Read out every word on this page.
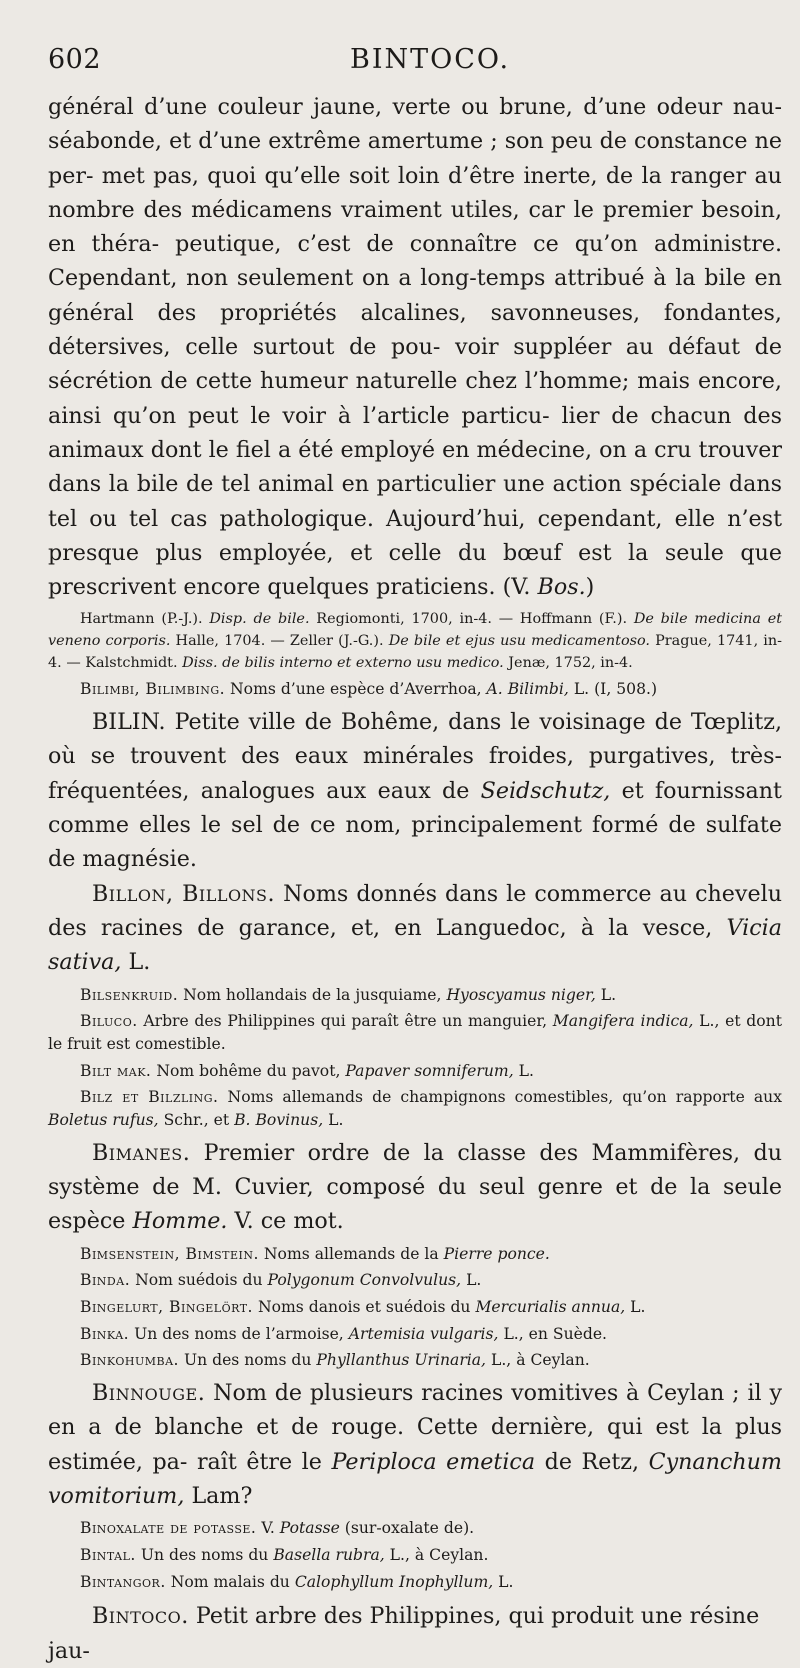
602	BINTOCO.

général d’une couleur jaune, verte ou brune, d’une odeur nau- séabonde, et d’une extrême amertume ; son peu de constance ne per- met pas, quoi qu’elle soit loin d’être inerte, de la ranger au nombre des médicamens vraiment utiles, car le premier besoin, en théra- peutique, c’est de connaître ce qu’on administre. Cependant, non seulement on a long-temps attribué à la bile en général des propriétés alcalines, savonneuses, fondantes, détersives, celle surtout de pou- voir suppléer au défaut de sécrétion de cette humeur naturelle chez l’homme; mais encore, ainsi qu’on peut le voir à l’article particu- lier de chacun des animaux dont le fiel a été employé en médecine, on a cru trouver dans la bile de tel animal en particulier une action spéciale dans tel ou tel cas pathologique. Aujourd’hui, cependant, elle n’est presque plus employée, et celle du bœuf est la seule que prescrivent encore quelques praticiens. (V. Bos.)

Hartmann (P.-J.). Disp. de bile. Regiomonti, 1700, in-4. — Hoffmann (F.). De bile medicina et veneno corporis. Halle, 1704. — Zeller (J.-G.). De bile et ejus usu medicamentoso. Prague, 1741, in-4. — Kalstchmidt. Diss. de bilis interno et externo usu medico. Jenæ, 1752, in-4.

Bilimbi, Bilimbing. Noms d’une espèce d’Averrhoa, A. Bilimbi, L. (I, 508.)

BILIN. Petite ville de Bohême, dans le voisinage de Tœplitz, où se trouvent des eaux minérales froides, purgatives, très-fréquentées, analogues aux eaux de Seidschutz, et fournissant comme elles le sel de ce nom, principalement formé de sulfate de magnésie.

Billon, Billons. Noms donnés dans le commerce au chevelu des racines de garance, et, en Languedoc, à la vesce, Vicia sativa, L.

Bilsenkruid. Nom hollandais de la jusquiame, Hyoscyamus niger, L.

Biluco. Arbre des Philippines qui paraît être un manguier, Mangifera indica, L., et dont le fruit est comestible.

Bilt mak. Nom bohême du pavot, Papaver somniferum, L.

Bilz et Bilzling. Noms allemands de champignons comestibles, qu’on rapporte aux Boletus rufus, Schr., et B. Bovinus, L.

Bimanes. Premier ordre de la classe des Mammifères, du système de M. Cuvier, composé du seul genre et de la seule espèce Homme. V. ce mot.

Bimsenstein, Bimstein. Noms allemands de la Pierre ponce.

Binda. Nom suédois du Polygonum Convolvulus, L.

Bingelurt, Bingelört. Noms danois et suédois du Mercurialis annua, L.

Binka. Un des noms de l’armoise, Artemisia vulgaris, L., en Suède.

Binkohumba. Un des noms du Phyllanthus Urinaria, L., à Ceylan.

Binnouge. Nom de plusieurs racines vomitives à Ceylan ; il y en a de blanche et de rouge. Cette dernière, qui est la plus estimée, pa- raît être le Periploca emetica de Retz, Cynanchum vomitorium, Lam?

Binoxalate de potasse. V. Potasse (sur-oxalate de).

Bintal. Un des noms du Basella rubra, L., à Ceylan.

Bintangor. Nom malais du Calophyllum Inophyllum, L.

Bintoco. Petit arbre des Philippines, qui produit une résine jau-
